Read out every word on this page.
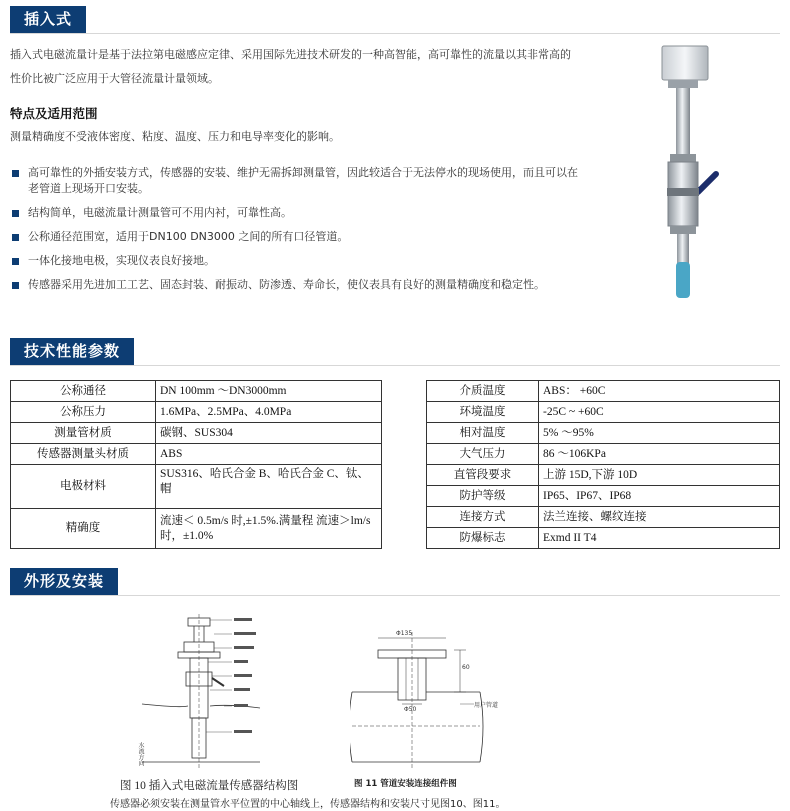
插入式
插入式电磁流量计是基于法拉第电磁感应定律、采用国际先进技术研发的一种高智能，高可靠性的流量以其非常高的
性价比被广泛应用于大管径流量计量领域。
特点及适用范围
测量精确度不受液体密度、粘度、温度、压力和电导率变化的影响。
高可靠性的外插安装方式，传感器的安装、维护无需拆卸测量管，因此较适合于无法停水的现场使用，而且可以在老管道上现场开口安装。
结构简单，电磁流量计测量管可不用内衬，可靠性高。
公称通径范围宽，适用于DN100 DN3000 之间的所有口径管道。
一体化接地电极，实现仪表良好接地。
传感器采用先进加工工艺、固态封装、耐振动、防渗透、寿命长，使仪表具有良好的测量精确度和稳定性。
技术性能参数
公称通径	DN 100mm ～DN3000mm
公称压力	1.6MPa、2.5MPa、4.0MPa
测量管材质	碳钢、SUS304
传感器测量头材质	ABS
电极材料	SUS316、哈氏合金 B、哈氏合金 C、钛、帽
精确度	流速＜ 0.5m/s 时,±1.5%.满量程 流速＞lm/s 时，±1.0%
介质温度	ABS： +60C
环境温度	-25C ~ +60C
相对温度	5% ～95%
大气压力	86 ～106KPa
直管段要求	上游 15D,下游 10D
防护等级	IP65、IP67、IP68
连接方式	法兰连接、螺纹连接
防爆标志	Exmd II T4
外形及安装
水流方向
Φ135
Φ50
60
用户管道
图 10 插入式电磁流量传感器结构图	图 11 管道安装连接组件图
传感器必须安装在测量管水平位置的中心轴线上，传感器结构和安装尺寸见图10、图11。
